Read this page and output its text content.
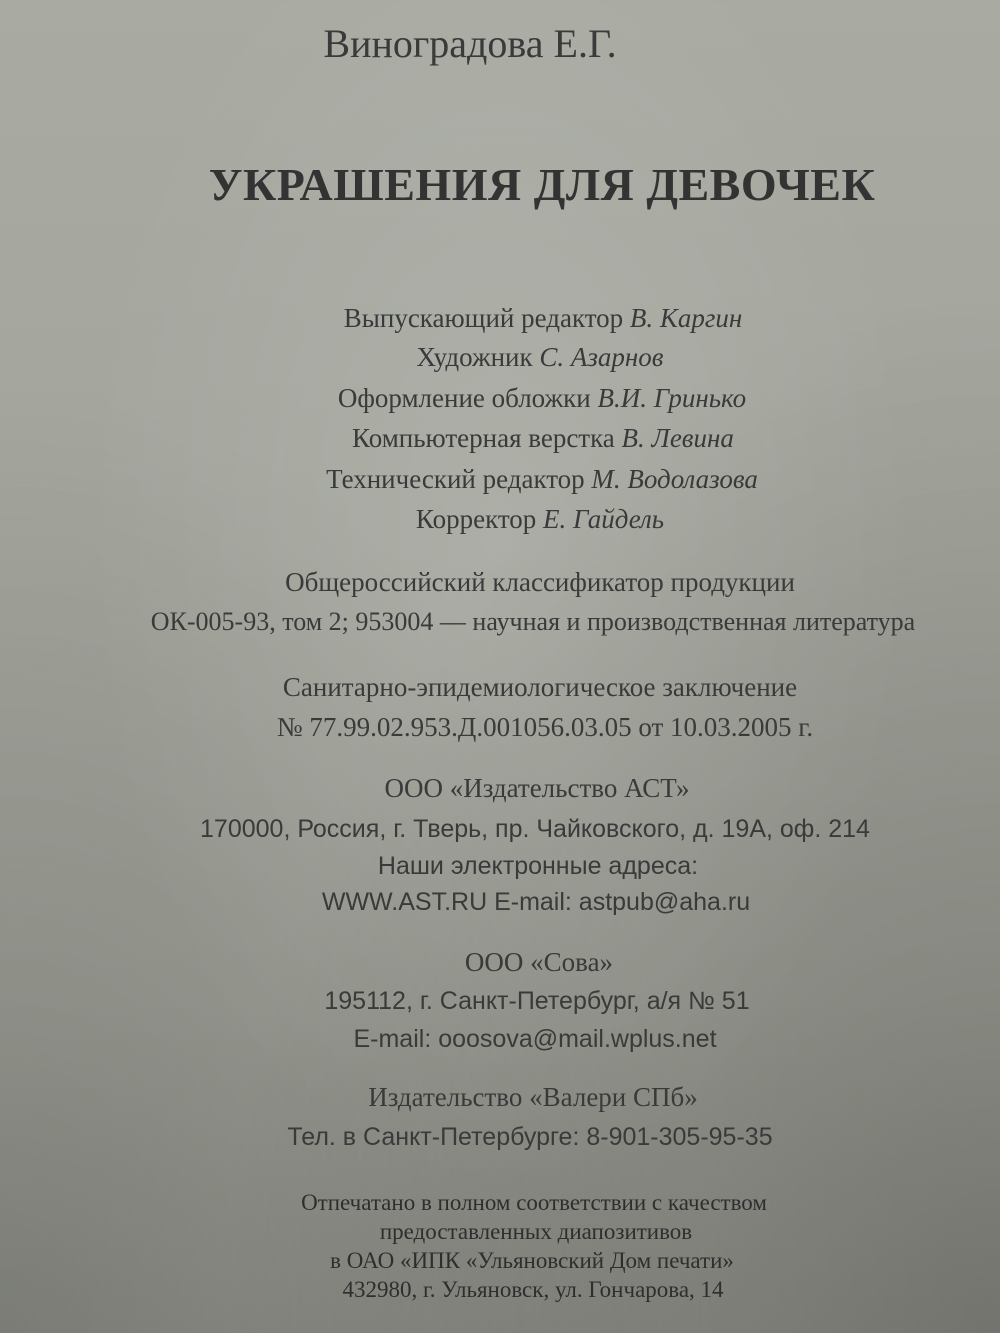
Виноградова Е.Г.
УКРАШЕНИЯ ДЛЯ ДЕВОЧЕК
Выпускающий редактор В. Каргин
Художник С. Азарнов
Оформление обложки В.И. Гринько
Компьютерная верстка В. Левина
Технический редактор М. Водолазова
Корректор Е. Гайдель
Общероссийский классификатор продукции
ОК-005-93, том 2; 953004 — научная и производственная литература
Санитарно-эпидемиологическое заключение
№ 77.99.02.953.Д.001056.03.05 от 10.03.2005 г.
ООО «Издательство АСТ»
170000, Россия, г. Тверь, пр. Чайковского, д. 19А, оф. 214
Наши электронные адреса:
WWW.AST.RU E-mail: astpub@aha.ru
ООО «Сова»
195112, г. Санкт-Петербург, а/я № 51
E-mail: ooosova@mail.wplus.net
Издательство «Валери СПб»
Тел. в Санкт-Петербурге: 8-901-305-95-35
Отпечатано в полном соответствии с качеством
предоставленных диапозитивов
в ОАО «ИПК «Ульяновский Дом печати»
432980, г. Ульяновск, ул. Гончарова, 14
